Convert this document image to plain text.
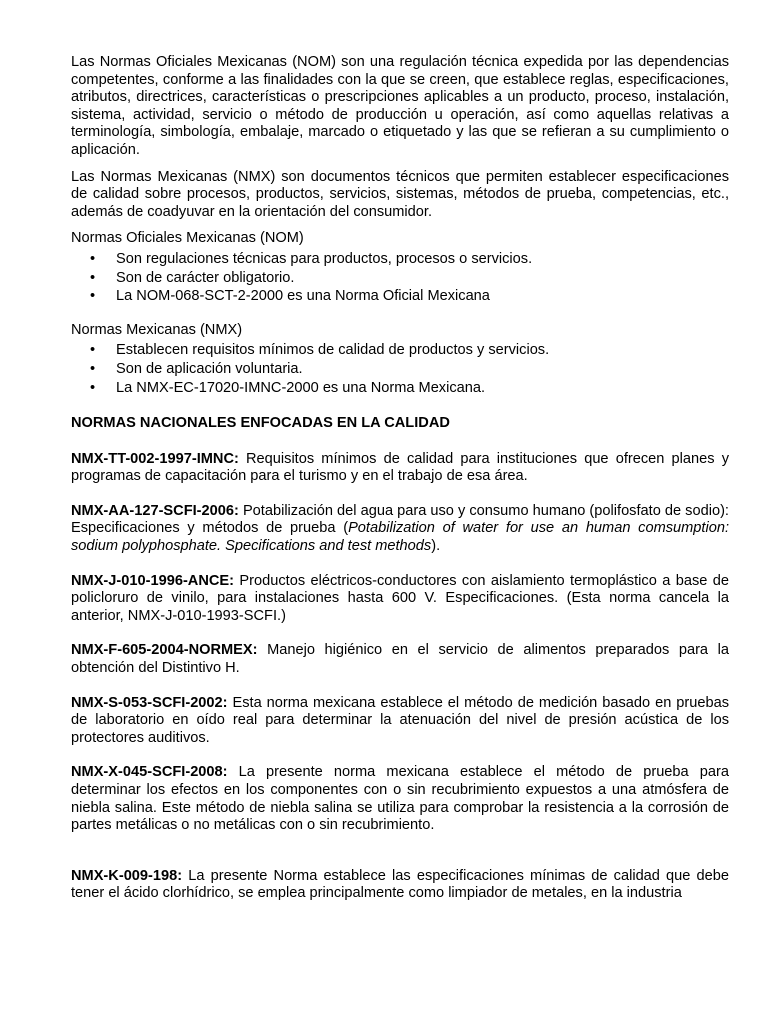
Las Normas Oficiales Mexicanas (NOM) son una regulación técnica expedida por las dependencias competentes, conforme a las finalidades con la que se creen, que establece reglas, especificaciones, atributos, directrices, características o prescripciones aplicables a un producto, proceso, instalación, sistema, actividad, servicio o método de producción u operación, así como aquellas relativas a terminología, simbología, embalaje, marcado o etiquetado y las que se refieran a su cumplimiento o aplicación.

Las Normas Mexicanas (NMX) son documentos técnicos que permiten establecer especificaciones de calidad sobre procesos, productos, servicios, sistemas, métodos de prueba, competencias, etc., además de coadyuvar en la orientación del consumidor.

Normas Oficiales Mexicanas (NOM)

• Son regulaciones técnicas para productos, procesos o servicios.
• Son de carácter obligatorio.
• La NOM-068-SCT-2-2000 es una Norma Oficial Mexicana

Normas Mexicanas (NMX)

• Establecen requisitos mínimos de calidad de productos y servicios.
• Son de aplicación voluntaria.
• La NMX-EC-17020-IMNC-2000 es una Norma Mexicana.

NORMAS NACIONALES ENFOCADAS EN LA CALIDAD

NMX-TT-002-1997-IMNC: Requisitos mínimos de calidad para instituciones que ofrecen planes y programas de capacitación para el turismo y en el trabajo de esa área.

NMX-AA-127-SCFI-2006: Potabilización del agua para uso y consumo humano (polifosfato de sodio): Especificaciones y métodos de prueba (Potabilization of water for use an human comsumption: sodium polyphosphate. Specifications and test methods).

NMX-J-010-1996-ANCE: Productos eléctricos-conductores con aislamiento termoplástico a base de policloruro de vinilo, para instalaciones hasta 600 V. Especificaciones. (Esta norma cancela la anterior, NMX-J-010-1993-SCFI.)

NMX-F-605-2004-NORMEX: Manejo higiénico en el servicio de alimentos preparados para la obtención del Distintivo H.

NMX-S-053-SCFI-2002: Esta norma mexicana establece el método de medición basado en pruebas de laboratorio en oído real para determinar la atenuación del nivel de presión acústica de los protectores auditivos.

NMX-X-045-SCFI-2008: La presente norma mexicana establece el método de prueba para determinar los efectos en los componentes con o sin recubrimiento expuestos a una atmósfera de niebla salina. Este método de niebla salina se utiliza para comprobar la resistencia a la corrosión de partes metálicas o no metálicas con o sin recubrimiento.

NMX-K-009-198: La presente Norma establece las especificaciones mínimas de calidad que debe tener el ácido clorhídrico, se emplea principalmente como limpiador de metales, en la industria
